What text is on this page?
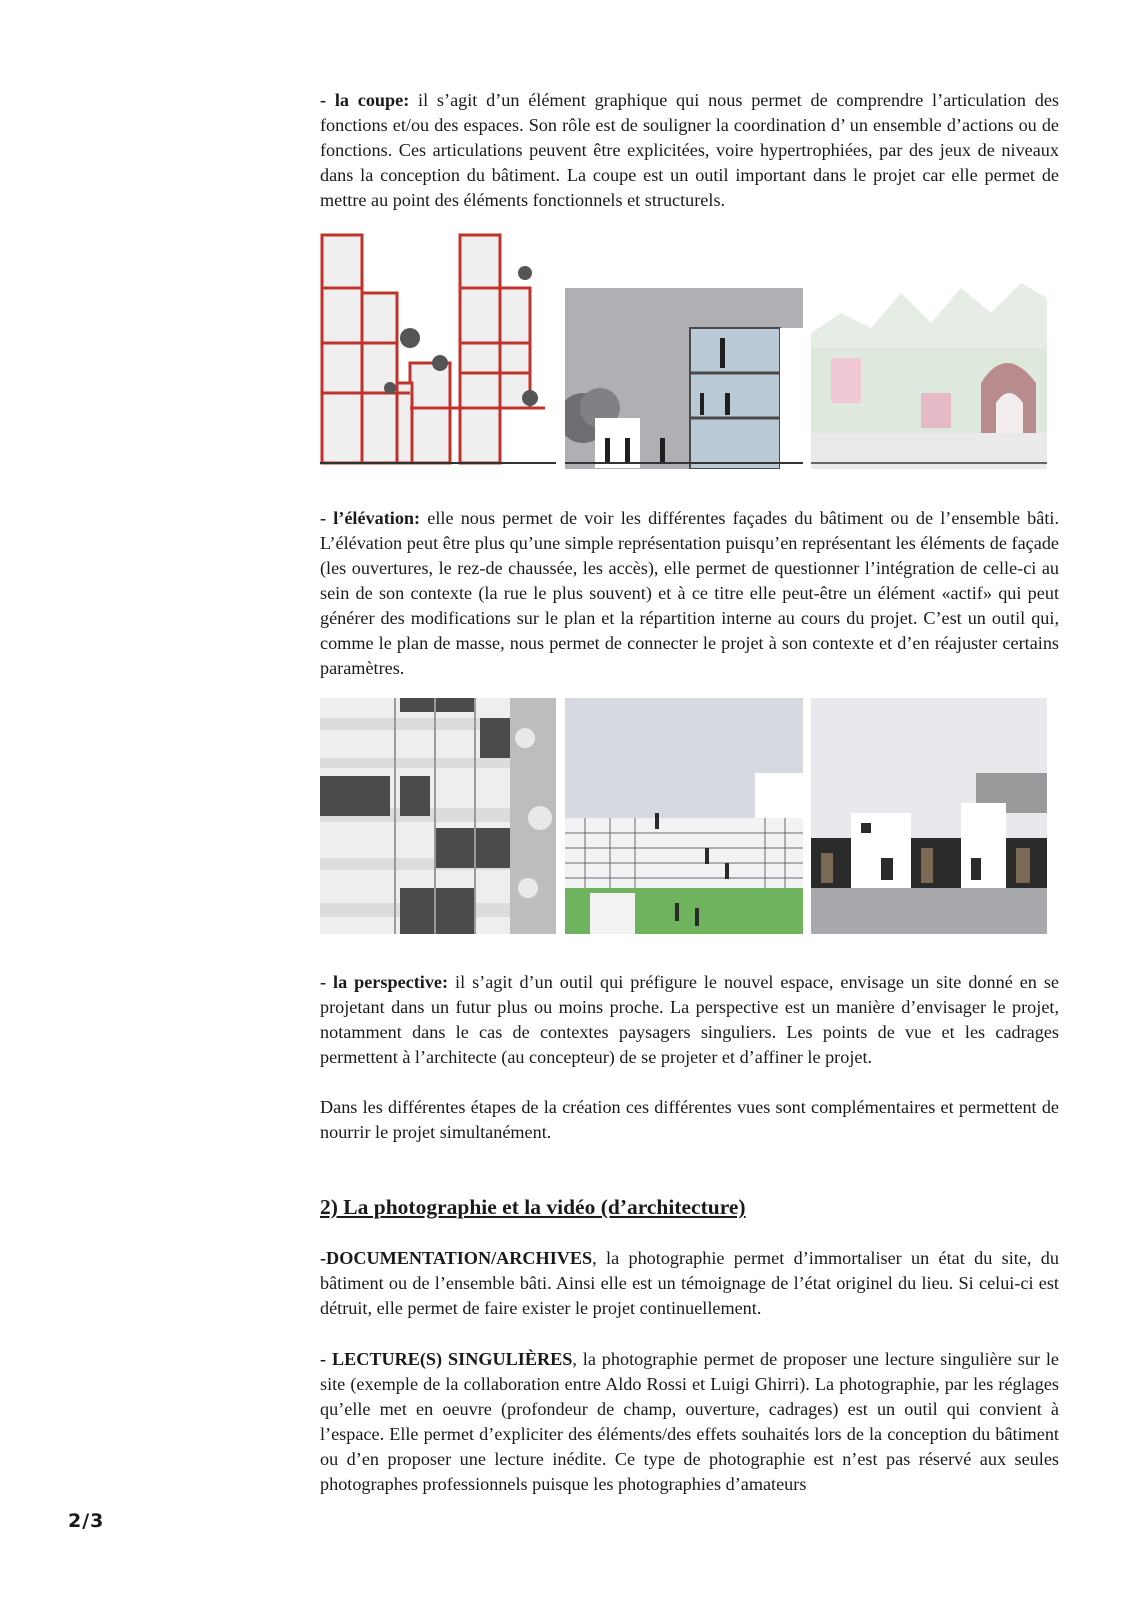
- la coupe: il s’agit d’un élément graphique qui nous permet de comprendre l’articulation des fonctions et/ou des espaces. Son rôle est de souligner la coordination d’ un ensemble d’actions ou de fonctions. Ces articulations peuvent être explicitées, voire hypertrophiées, par des jeux de niveaux dans la conception du bâtiment. La coupe est un outil important dans le projet car elle permet de mettre au point des éléments fonctionnels et structurels.

- l’élévation: elle nous permet de voir les différentes façades du bâtiment ou de l’ensemble bâti. L’élévation peut être plus qu’une simple représentation puisqu’en représentant les éléments de façade (les ouvertures, le rez-de chaussée, les accès), elle permet de questionner l’intégration de celle-ci au sein de son contexte (la rue le plus souvent) et à ce titre elle peut-être un élément «actif» qui peut générer des modifications sur le plan et la répartition interne au cours du projet. C’est un outil qui, comme le plan de masse, nous permet de connecter le projet à son contexte et d’en réajuster certains paramètres.

- la perspective: il s’agit d’un outil qui préfigure le nouvel espace, envisage un site donné en se projetant dans un futur plus ou moins proche. La perspective est un manière d’envisager le projet, notamment dans le cas de contextes paysagers singuliers. Les points de vue et les cadrages permettent à l’architecte (au concepteur) de se projeter et d’affiner le projet.

Dans les différentes étapes de la création ces différentes vues sont complémentaires et permettent de nourrir le projet simultanément.

2) La photographie et la vidéo (d’architecture)

-DOCUMENTATION/ARCHIVES, la photographie permet d’immortaliser un état du site, du bâtiment ou de l’ensemble bâti. Ainsi elle est un témoignage de l’état originel du lieu. Si celui-ci est détruit, elle permet de faire exister le projet continuellement.

- LECTURE(S) SINGULIÈRES, la photographie permet de proposer une lecture singulière sur le site (exemple de la collaboration entre Aldo Rossi et Luigi Ghirri). La photographie, par les réglages qu’elle met en oeuvre (profondeur de champ, ouverture, cadrages) est un outil qui convient à l’espace. Elle permet d’expliciter des éléments/des effets souhaités lors de la conception du bâtiment ou d’en proposer une lecture inédite. Ce type de photographie est n’est pas réservé aux seules photographes professionnels puisque les photographies d’amateurs

2/3
